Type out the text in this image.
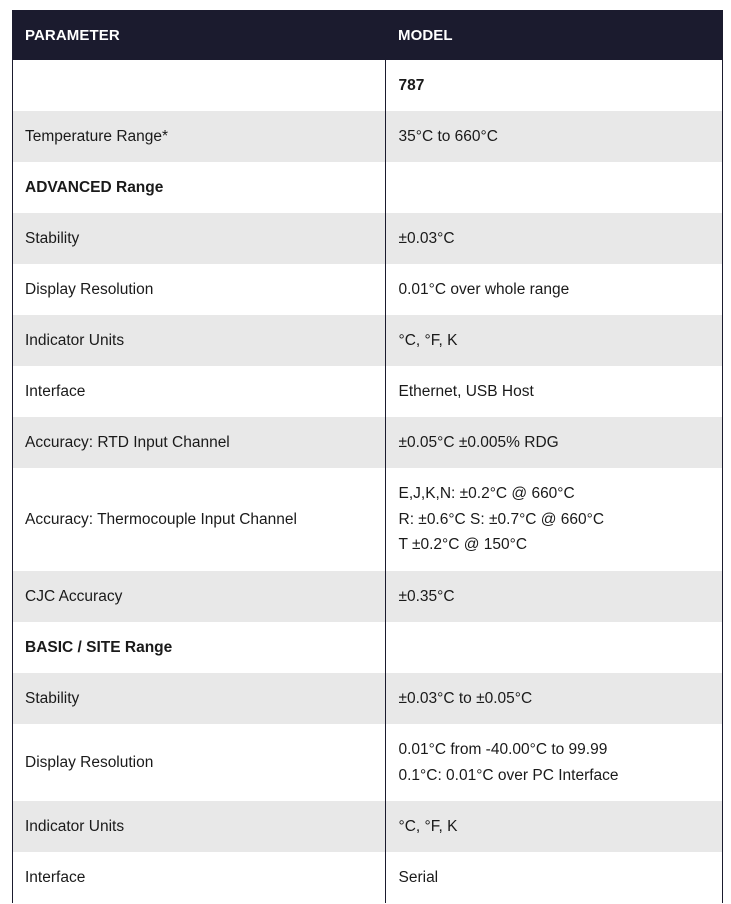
PARAMETER	MODEL
	787
Temperature Range*	35°C to 660°C
ADVANCED Range	
Stability	±0.03°C
Display Resolution	0.01°C over whole range
Indicator Units	°C, °F, K
Interface	Ethernet, USB Host
Accuracy: RTD Input Channel	±0.05°C ±0.005% RDG
Accuracy: Thermocouple Input Channel	E,J,K,N: ±0.2°C @ 660°C
R: ±0.6°C S: ±0.7°C @ 660°C
T ±0.2°C @ 150°C

CJC Accuracy	±0.35°C
BASIC / SITE Range	
Stability	±0.03°C to ±0.05°C
Display Resolution	0.01°C from -40.00°C to 99.99
0.1°C: 0.01°C over PC Interface

Indicator Units	°C, °F, K
Interface	Serial
